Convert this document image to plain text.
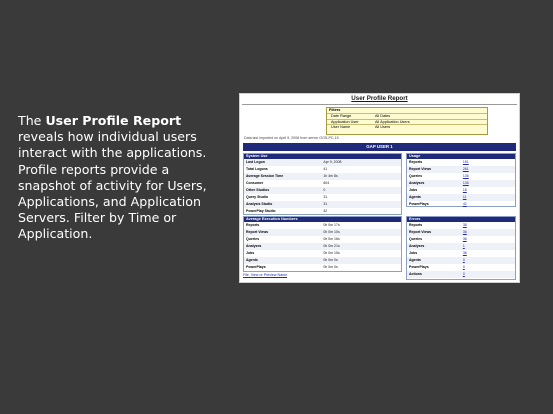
The User Profile Report reveals how individual users interact with the applications. Profile reports provide a snapshot of activity for Users, Applications, and Application Servers. Filter by Time or Application.
User Profile Report
Filters
Date Range	All Dates
Application User	All Application Users
User Name	All Users
Data last imported on April 9, 2008 from server GOS-PC-15
GAP USER 1
System Use
Last Logon	Apr 9, 2008
Total Logons	41
Average Session Time	1h 4m 8s
Consumer	604
Other Studios	0
Query Studio	31
Analysis Studio	31
PowerPlay Studio	42
Usage
Reports	151
Report Views	261
Queries	136
Analyses	136
Jobs	18
Agents	11
PowerPlays	42
Average Execution Numbers
Reports	0h 0m 17s
Report Views	0h 0m 10s
Queries	0h 0m 16s
Analyses	0h 0m 21s
Jobs	0h 0m 15s
Agents	0h 0m 0s
PowerPlays	0h 0m 0s
Errors
Reports	38
Report Views	36
Queries	36
Analyses	1
Jobs	36
Agents	0
PowerPlays	0
Actions	0
File, View or Preview Name
